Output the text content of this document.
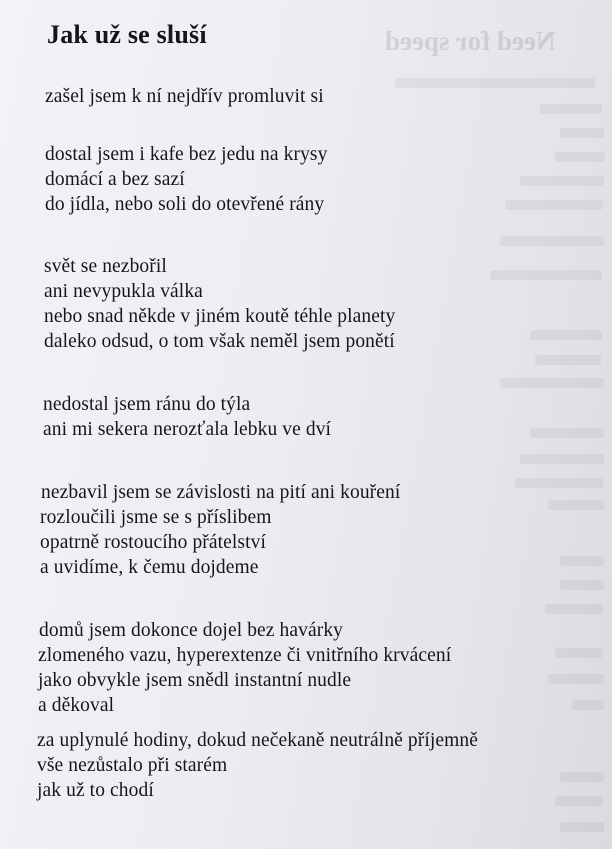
Need for speed
Jak už se sluší
zašel jsem k ní nejdřív promluvit si
dostal jsem i kafe bez jedu na krysy
domácí a bez sazí
do jídla, nebo soli do otevřené rány
svět se nezbořil
ani nevypukla válka
nebo snad někde v jiném koutě téhle planety
daleko odsud, o tom však neměl jsem ponětí
nedostal jsem ránu do týla
ani mi sekera nerozťala lebku ve dví
nezbavil jsem se závislosti na pití ani kouření
rozloučili jsme se s příslibem
opatrně rostoucího přátelství
a uvidíme, k čemu dojdeme
domů jsem dokonce dojel bez havárky
zlomeného vazu, hyperextenze či vnitřního krvácení
jako obvykle jsem snědl instantní nudle
a děkoval
za uplynulé hodiny, dokud nečekaně neutrálně příjemně
vše nezůstalo při starém
jak už to chodí
